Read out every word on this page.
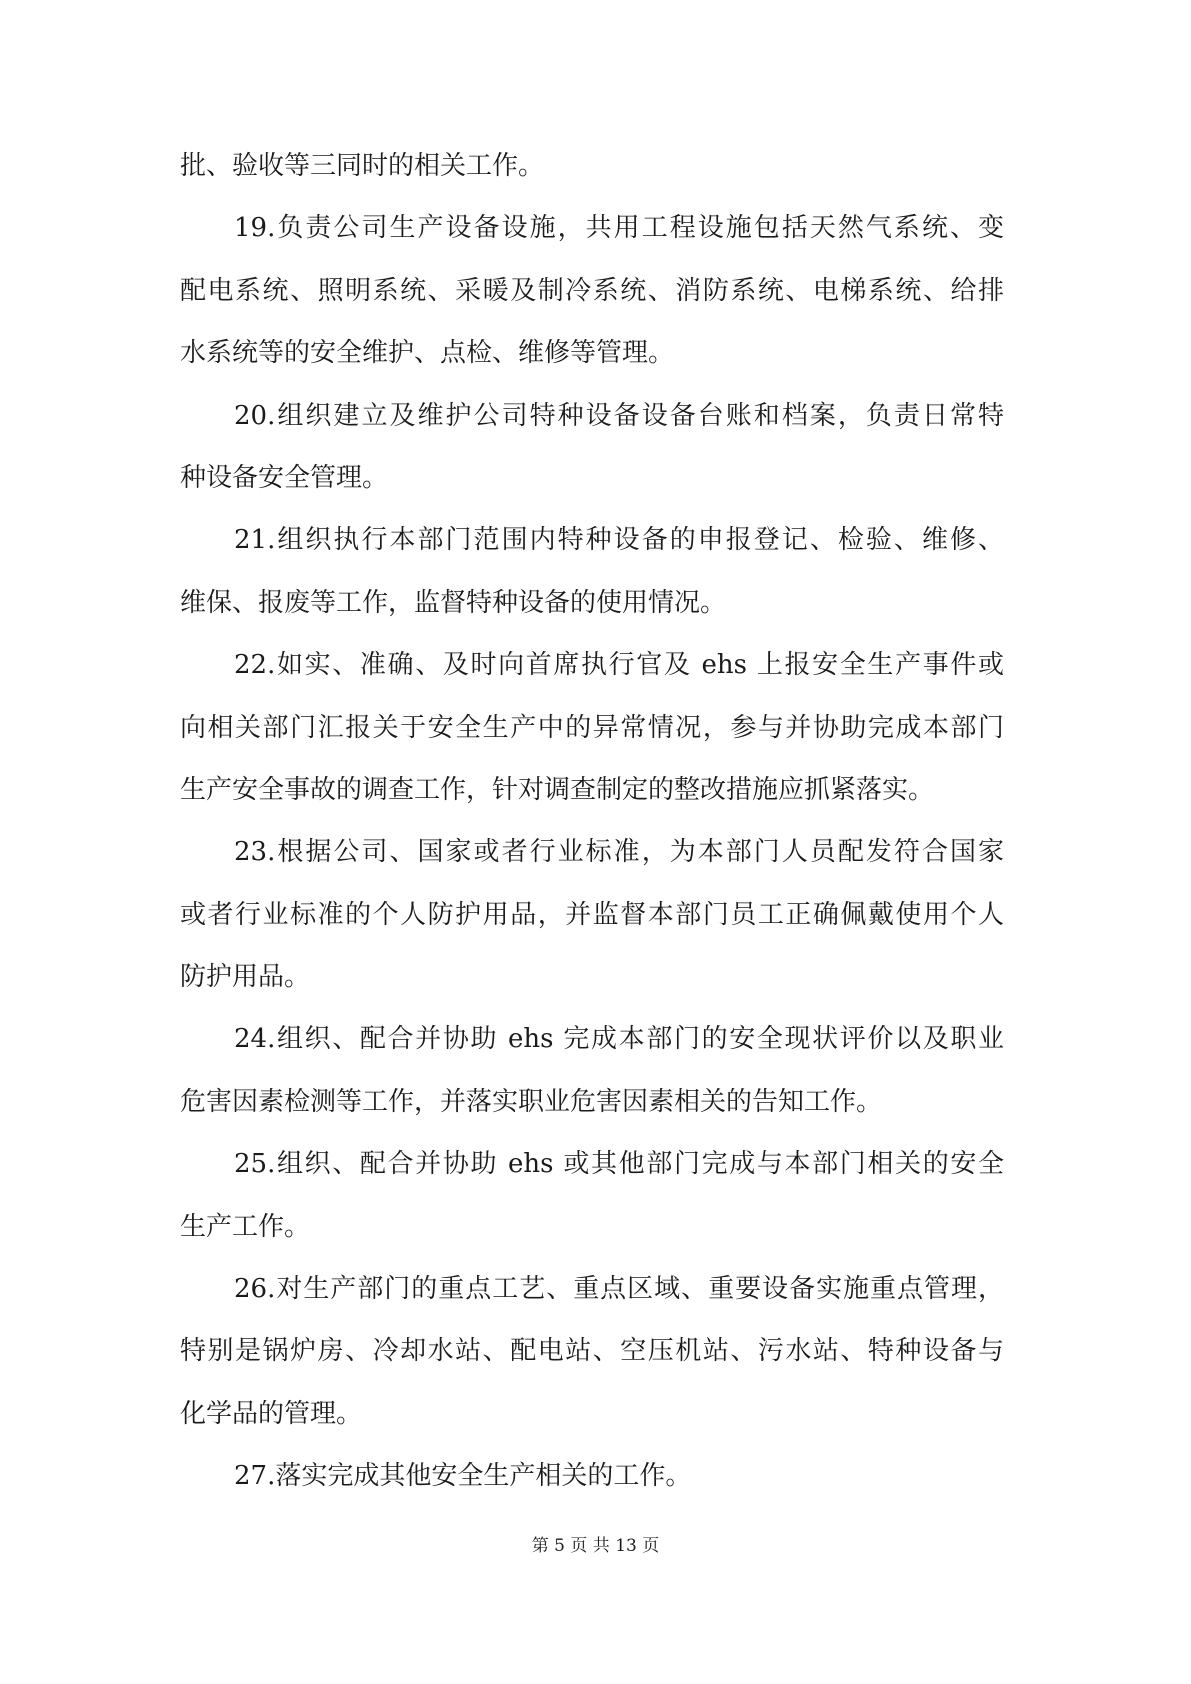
批、验收等三同时的相关工作。
19.负责公司生产设备设施，共用工程设施包括天然气系统、变
配电系统、照明系统、采暖及制冷系统、消防系统、电梯系统、给排
水系统等的安全维护、点检、维修等管理。
20.组织建立及维护公司特种设备设备台账和档案，负责日常特
种设备安全管理。
21.组织执行本部门范围内特种设备的申报登记、检验、维修、
维保、报废等工作，监督特种设备的使用情况。
22.如实、准确、及时向首席执行官及 ehs 上报安全生产事件或
向相关部门汇报关于安全生产中的异常情况，参与并协助完成本部门
生产安全事故的调查工作，针对调查制定的整改措施应抓紧落实。
23.根据公司、国家或者行业标准，为本部门人员配发符合国家
或者行业标准的个人防护用品，并监督本部门员工正确佩戴使用个人
防护用品。
24.组织、配合并协助 ehs 完成本部门的安全现状评价以及职业
危害因素检测等工作，并落实职业危害因素相关的告知工作。
25.组织、配合并协助 ehs 或其他部门完成与本部门相关的安全
生产工作。
26.对生产部门的重点工艺、重点区域、重要设备实施重点管理，
特别是锅炉房、冷却水站、配电站、空压机站、污水站、特种设备与
化学品的管理。
27.落实完成其他安全生产相关的工作。
第 5 页 共 13 页
